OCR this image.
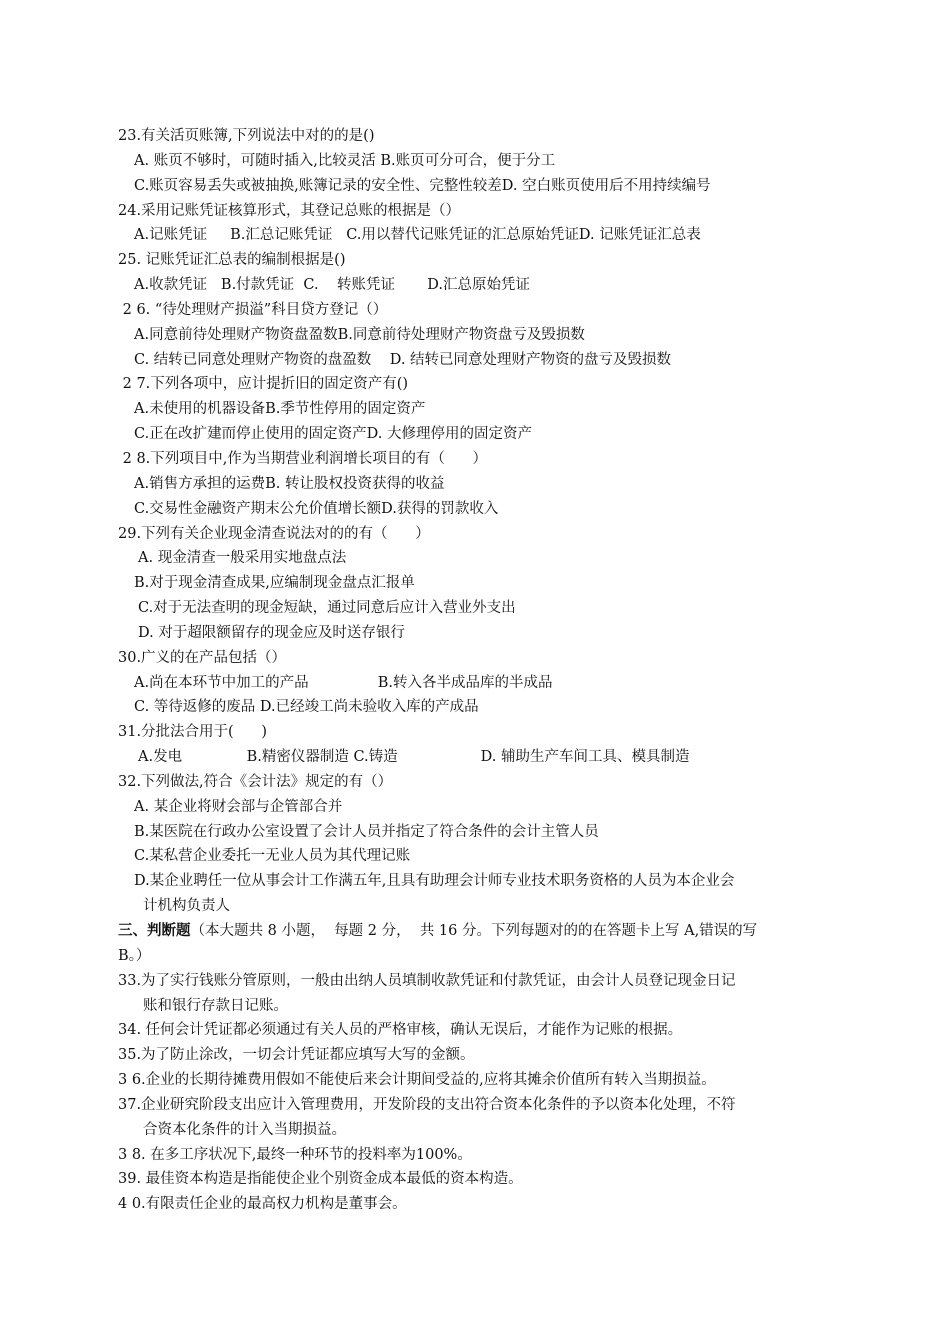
23.有关活页账簿,下列说法中对的的是()
A. 账页不够时，可随时插入,比较灵活 B.账页可分可合，便于分工
C.账页容易丢失或被抽换,账簿记录的安全性、完整性较差D. 空白账页使用后不用持续编号
24.采用记账凭证核算形式，其登记总账的根据是（）
A.记账凭证     B.汇总记账凭证   C.用以替代记账凭证的汇总原始凭证D. 记账凭证汇总表
25. 记账凭证汇总表的编制根据是()
A.收款凭证   B.付款凭证  C.    转账凭证       D.汇总原始凭证
2 6. “待处理财产损溢”科目贷方登记（）
A.同意前待处理财产物资盘盈数B.同意前待处理财产物资盘亏及毁损数
C. 结转已同意处理财产物资的盘盈数    D. 结转已同意处理财产物资的盘亏及毁损数
2 7.下列各项中，应计提折旧的固定资产有()
A.未使用的机器设备B.季节性停用的固定资产
C.正在改扩建而停止使用的固定资产D. 大修理停用的固定资产
2 8.下列项目中,作为当期营业利润增长项目的有（      ）
A.销售方承担的运费B. 转让股权投资获得的收益
C.交易性金融资产期末公允价值增长额D.获得的罚款收入
29.下列有关企业现金清查说法对的的有（      ）
A. 现金清查一般采用实地盘点法
B.对于现金清查成果,应编制现金盘点汇报单
C.对于无法查明的现金短缺，通过同意后应计入营业外支出
D. 对于超限额留存的现金应及时送存银行
30.广义的在产品包括（）
A.尚在本环节中加工的产品               B.转入各半成品库的半成品
C. 等待返修的废品 D.已经竣工尚未验收入库的产成品
31.分批法合用于(      )
A.发电              B.精密仪器制造 C.铸造                  D. 辅助生产车间工具、模具制造
32.下列做法,符合《会计法》规定的有（）
A. 某企业将财会部与企管部合并
B.某医院在行政办公室设置了会计人员并指定了符合条件的会计主管人员
C.某私营企业委托一无业人员为其代理记账
D.某企业聘任一位从事会计工作满五年,且具有助理会计师专业技术职务资格的人员为本企业会
计机构负责人
三、判断题（本大题共 8 小题，  每题 2 分，  共 16 分。下列每题对的的在答题卡上写 A,错误的写
B。）
33.为了实行钱账分管原则，一般由出纳人员填制收款凭证和付款凭证，由会计人员登记现金日记
账和银行存款日记账。
34. 任何会计凭证都必须通过有关人员的严格审核，确认无误后，才能作为记账的根据。
35.为了防止涂改，一切会计凭证都应填写大写的金额。
3 6.企业的长期待摊费用假如不能使后来会计期间受益的,应将其摊余价值所有转入当期损益。
37.企业研究阶段支出应计入管理费用，开发阶段的支出符合资本化条件的予以资本化处理，不符
合资本化条件的计入当期损益。
3 8. 在多工序状况下,最终一种环节的投料率为100%。
39. 最佳资本构造是指能使企业个别资金成本最低的资本构造。
4 0.有限责任企业的最高权力机构是董事会。
